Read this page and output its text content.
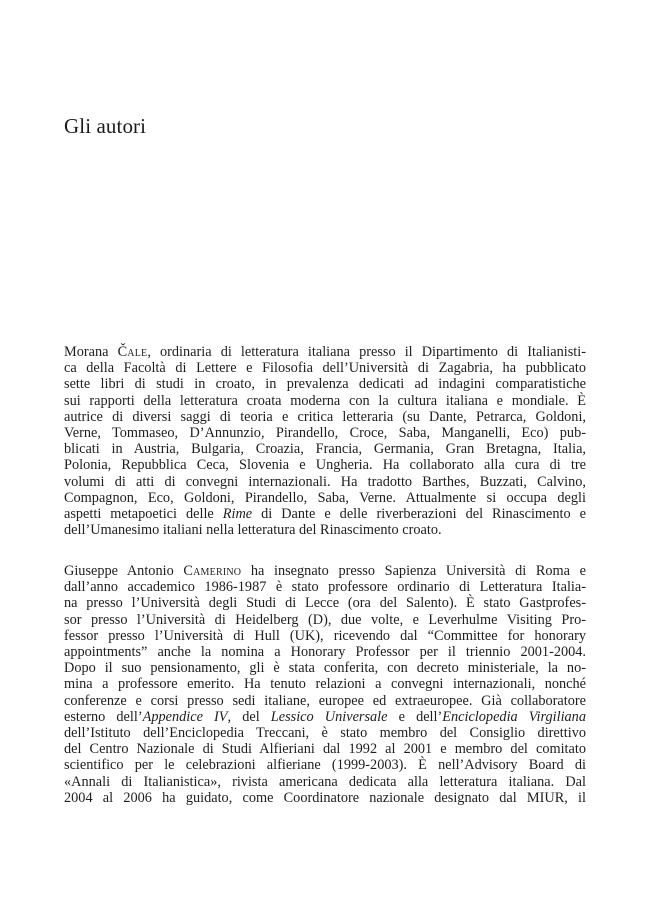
Gli autori

Morana Čale, ordinaria di letteratura italiana presso il Dipartimento di Italianisti-
ca della Facoltà di Lettere e Filosofia dell’Università di Zagabria, ha pubblicato
sette libri di studi in croato, in prevalenza dedicati ad indagini comparatistiche
sui rapporti della letteratura croata moderna con la cultura italiana e mondiale. È
autrice di diversi saggi di teoria e critica letteraria (su Dante, Petrarca, Goldoni,
Verne, Tommaseo, D’Annunzio, Pirandello, Croce, Saba, Manganelli, Eco) pub-
blicati in Austria, Bulgaria, Croazia, Francia, Germania, Gran Bretagna, Italia,
Polonia, Repubblica Ceca, Slovenia e Ungheria. Ha collaborato alla cura di tre
volumi di atti di convegni internazionali. Ha tradotto Barthes, Buzzati, Calvino,
Compagnon, Eco, Goldoni, Pirandello, Saba, Verne. Attualmente si occupa degli
aspetti metapoetici delle Rime di Dante e delle riverberazioni del Rinascimento e
dell’Umanesimo italiani nella letteratura del Rinascimento croato.

Giuseppe Antonio Camerino ha insegnato presso Sapienza Università di Roma e
dall’anno accademico 1986-1987 è stato professore ordinario di Letteratura Italia-
na presso l’Università degli Studi di Lecce (ora del Salento). È stato Gastprofes-
sor presso l’Università di Heidelberg (D), due volte, e Leverhulme Visiting Pro-
fessor presso l’Università di Hull (UK), ricevendo dal “Committee for honorary
appointments” anche la nomina a Honorary Professor per il triennio 2001-2004.
Dopo il suo pensionamento, gli è stata conferita, con decreto ministeriale, la no-
mina a professore emerito. Ha tenuto relazioni a convegni internazionali, nonché
conferenze e corsi presso sedi italiane, europee ed extraeuropee. Già collaboratore
esterno dell’Appendice IV, del Lessico Universale e dell’Enciclopedia Virgiliana
dell’Istituto dell’Enciclopedia Treccani, è stato membro del Consiglio direttivo
del Centro Nazionale di Studi Alfieriani dal 1992 al 2001 e membro del comitato
scientifico per le celebrazioni alfieriane (1999-2003). È nell’Advisory Board di
«Annali di Italianistica», rivista americana dedicata alla letteratura italiana. Dal
2004 al 2006 ha guidato, come Coordinatore nazionale designato dal MIUR, il
